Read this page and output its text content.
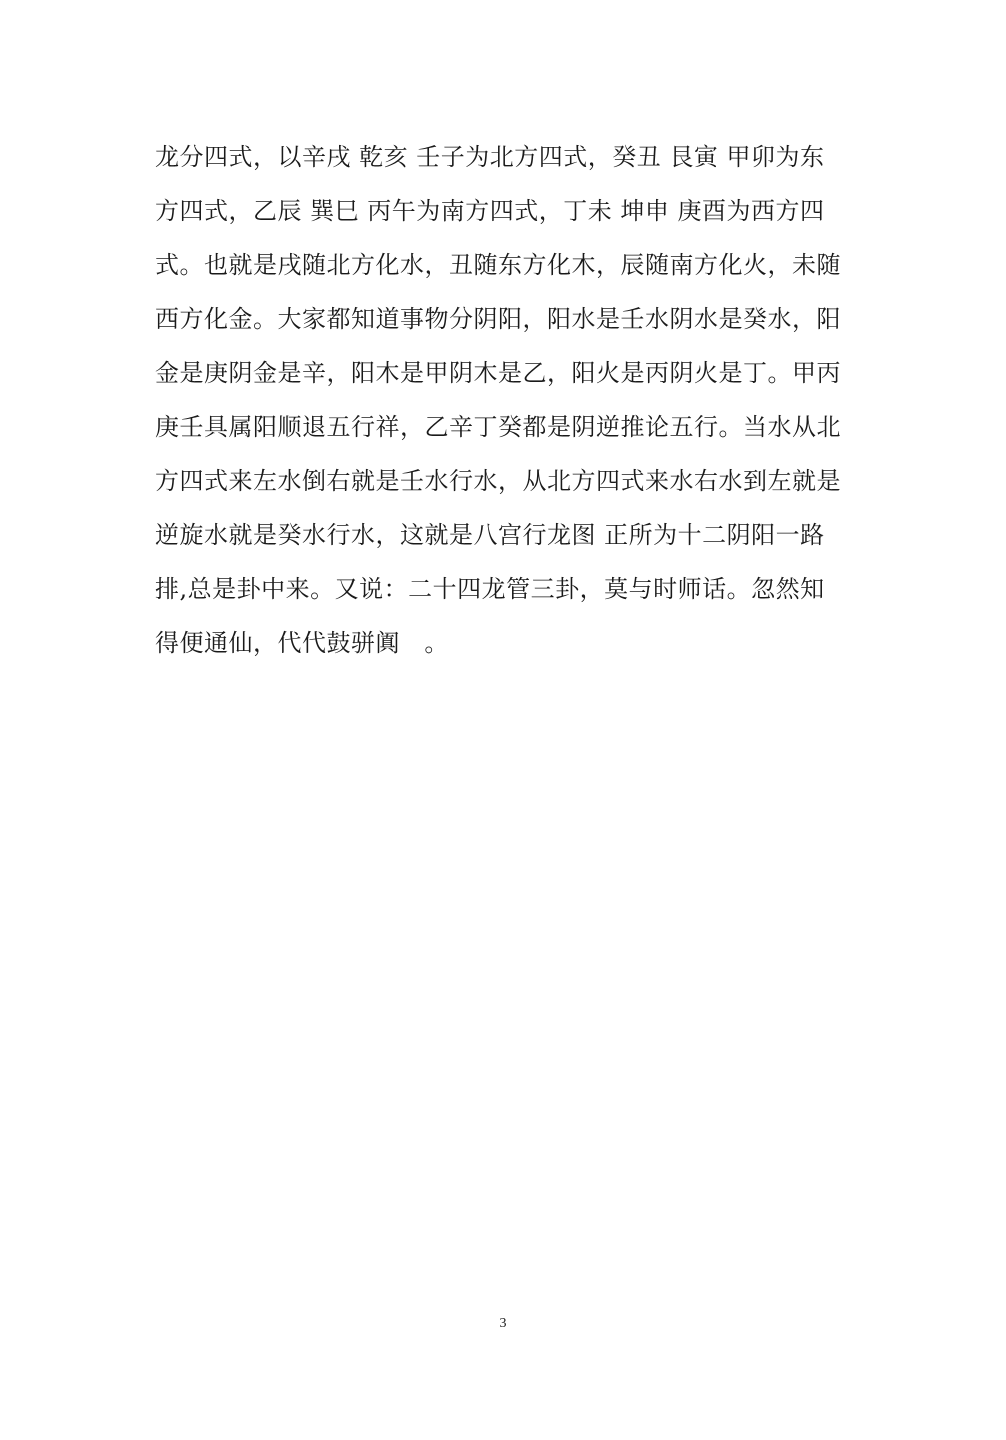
龙分四式，以辛戌 乾亥 壬子为北方四式，癸丑 艮寅 甲卯为东
方四式，乙辰 巽巳 丙午为南方四式，丁未 坤申 庚酉为西方四
式。也就是戌随北方化水，丑随东方化木，辰随南方化火，未随
西方化金。大家都知道事物分阴阳，阳水是壬水阴水是癸水，阳
金是庚阴金是辛，阳木是甲阴木是乙，阳火是丙阴火是丁。甲丙
庚壬具属阳顺退五行祥，乙辛丁癸都是阴逆推论五行。当水从北
方四式来左水倒右就是壬水行水，从北方四式来水右水到左就是
逆旋水就是癸水行水，这就是八宫行龙图 正所为十二阴阳一路
排,总是卦中来。又说：二十四龙管三卦，莫与时师话。忽然知
得便通仙，代代鼓骈阗   。
3
